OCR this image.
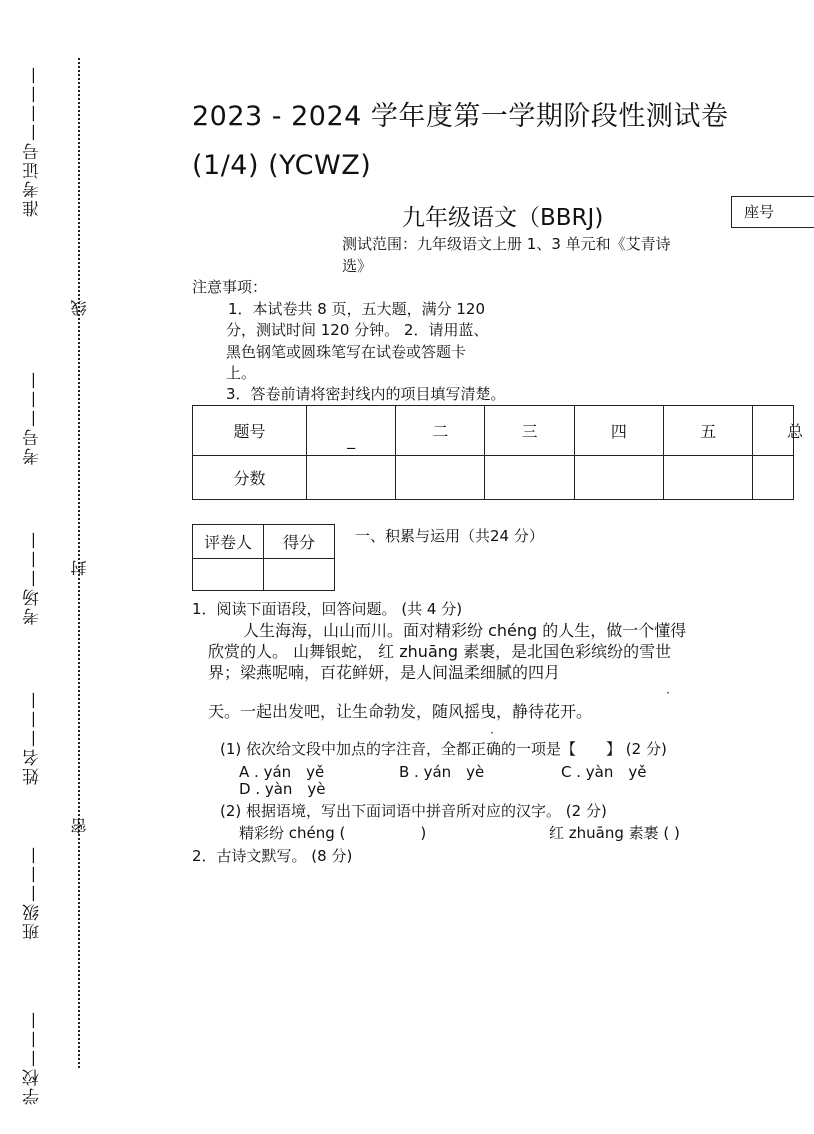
学校———
班级———
姓名———
考场———
考号———
准考证号————
密
封
线
2023 - 2024 学年度第一学期阶段性测试卷
(1/4) (YCWZ)
九年级语文（BBRJ)	座号
测试范围：九年级语文上册 1、3 单元和《艾青诗
选》
注意事项：
1．本试卷共 8 页，五大题，满分 120
分，测试时间 120 分钟。 2．请用蓝、
黑色钢笔或圆珠笔写在试卷或答题卡
上。
3．答卷前请将密封线内的项目填写清楚。
题号	_	二	三	四	五	总
分数						
评卷人	得分
		一、积累与运用（共24 分）
1．阅读下面语段，回答问题。 (共 4 分)
人生海海，山山而川。面对精彩纷 chéng 的人生，做一个懂得
欣赏的人。 山舞银蛇， 红 zhuāng 素裹，是北国色彩缤纷的雪世
界；梁燕呢喃，百花鲜妍，是人间温柔细腻的四月
·
天。一起出发吧，让生命勃发，随风摇曳，静待花开。
·
(1) 依次给文段中加点的字注音，全都正确的一项是【　　】 (2 分)
A . yán　yě	B . yán　yè	C . yàn　yě
D . yàn　yè
(2) 根据语境，写出下面词语中拼音所对应的汉字。 (2 分)
精彩纷 chéng (　　　　　)	红 zhuāng 素裹 ( )
2．古诗文默写。 (8 分)
